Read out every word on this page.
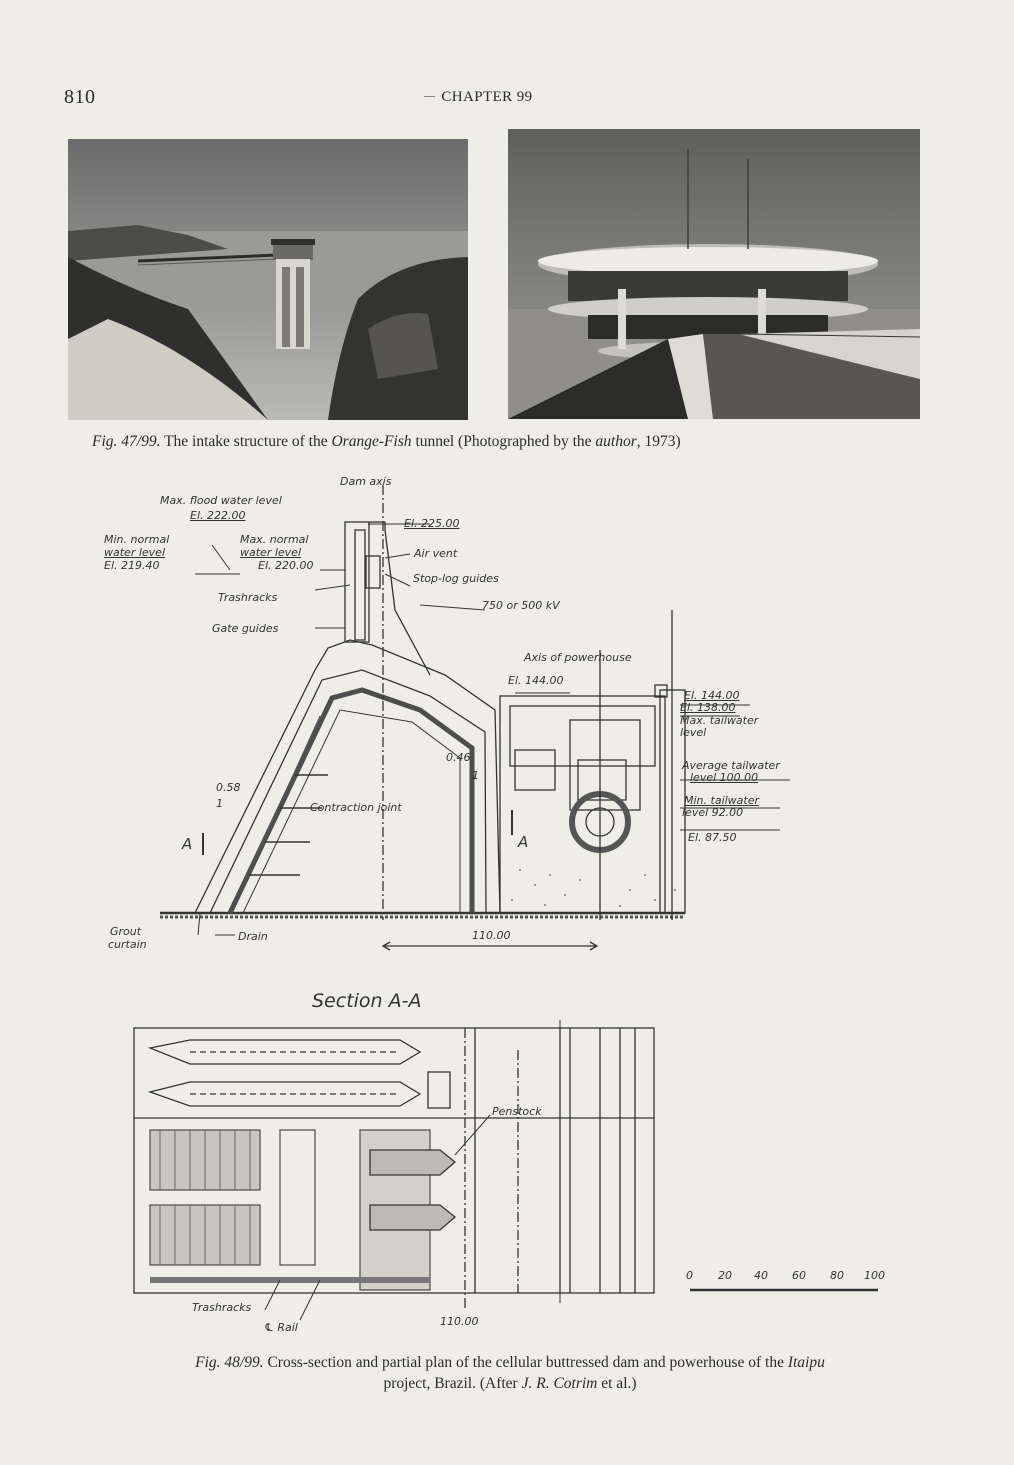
810	— CHAPTER 99
Fig. 47/99. The intake structure of the Orange-Fish tunnel (Photographed by the author, 1973)
Dam axis
Max. flood water level
El. 222.00
Min. normal
water level
El. 219.40
Max. normal
water level
El. 220.00
El. 225.00
Air vent
Stop-log guides
Trashracks
750 or 500 kV
Gate guides
Axis of powerhouse
El. 144.00
El. 144.00
El. 138.00
Max. tailwater
level
Average tailwater
level 100.00
Min. tailwater
level 92.00
El. 87.50
0.46
1
0.58
1	Contraction joint
A	A
Grout
curtain
Drain	110.00
Section A-A
Penstock
Trashracks
℄ Rail	110.00
0 20 40 60 80 100
Fig. 48/99. Cross-section and partial plan of the cellular buttressed dam and powerhouse of the Itaipu
project, Brazil. (After J. R. Cotrim et al.)
